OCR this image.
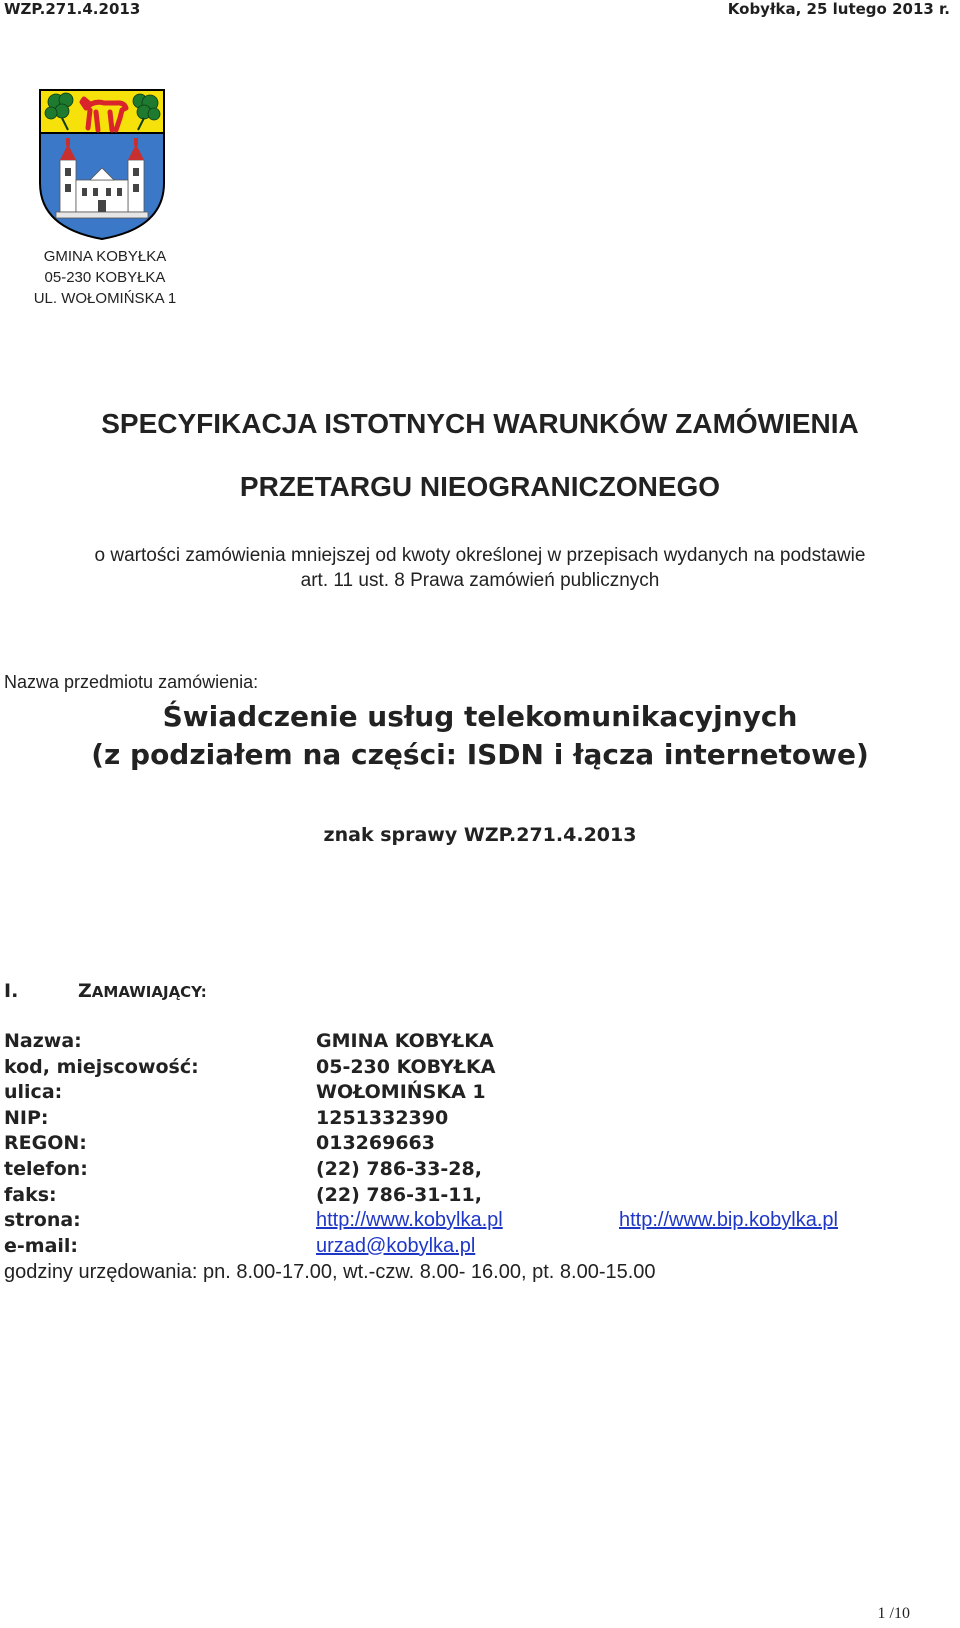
WZP.271.4.2013	Kobyłka, 25 lutego 2013 r.
GMINA KOBYŁKA
05-230 KOBYŁKA
UL. WOŁOMIŃSKA 1
SPECYFIKACJA ISTOTNYCH WARUNKÓW ZAMÓWIENIA
PRZETARGU NIEOGRANICZONEGO
o wartości zamówienia mniejszej od kwoty określonej w przepisach wydanych na podstawie
art. 11 ust. 8 Prawa zamówień publicznych
Nazwa przedmiotu zamówienia:
Świadczenie usług telekomunikacyjnych
(z podziałem na części: ISDN i łącza internetowe)
znak sprawy WZP.271.4.2013
I.	ZAMAWIAJĄCY:
Nazwa:	GMINA KOBYŁKA
kod, miejscowość:	05-230 KOBYŁKA
ulica:	WOŁOMIŃSKA 1
NIP:	1251332390
REGON:	013269663
telefon:	(22) 786-33-28,
faks:	(22) 786-31-11,
strona:	http://www.kobylka.pl	http://www.bip.kobylka.pl
e-mail:	urzad@kobylka.pl
godziny urzędowania: pn. 8.00-17.00, wt.-czw. 8.00- 16.00, pt. 8.00-15.00
1 /10
